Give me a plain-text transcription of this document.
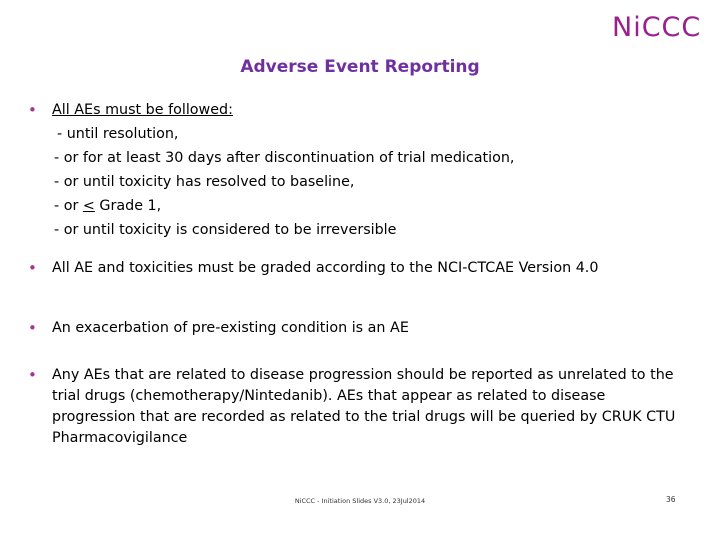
NiCCC
Adverse Event Reporting
• All AEs must be followed:
- until resolution,
- or for at least 30 days after discontinuation of trial medication,
- or until toxicity has resolved to baseline,
- or < Grade 1,
- or until toxicity is considered to be irreversible
• All AE and toxicities must be graded according to the NCI-CTCAE Version 4.0
• An exacerbation of pre-existing condition is an AE
• Any AEs that are related to disease progression should be reported as unrelated to the trial drugs (chemotherapy/Nintedanib). AEs that appear as related to disease progression that are recorded as related to the trial drugs will be queried by CRUK CTU Pharmacovigilance
NiCCC - Initiation Slides V3.0, 23Jul2014	36
